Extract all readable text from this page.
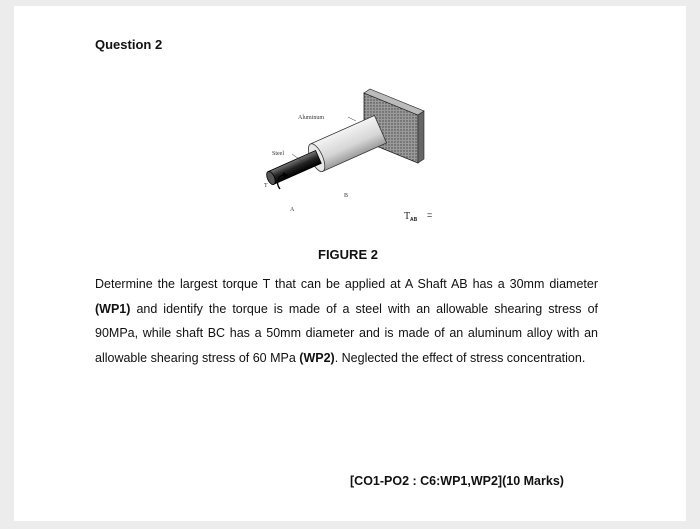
Question 2
Aluminum
Steel
T
A
B
T AB =
FIGURE 2
Determine the largest torque T that can be applied at A Shaft AB has a 30mm diameter (WP1) and identify the torque is made of a steel with an allowable shearing stress of 90MPa, while shaft BC has a 50mm diameter and is made of an aluminum alloy with an allowable shearing stress of 60 MPa (WP2). Neglected the effect of stress concentration.
[CO1-PO2 : C6:WP1,WP2](10 Marks)
